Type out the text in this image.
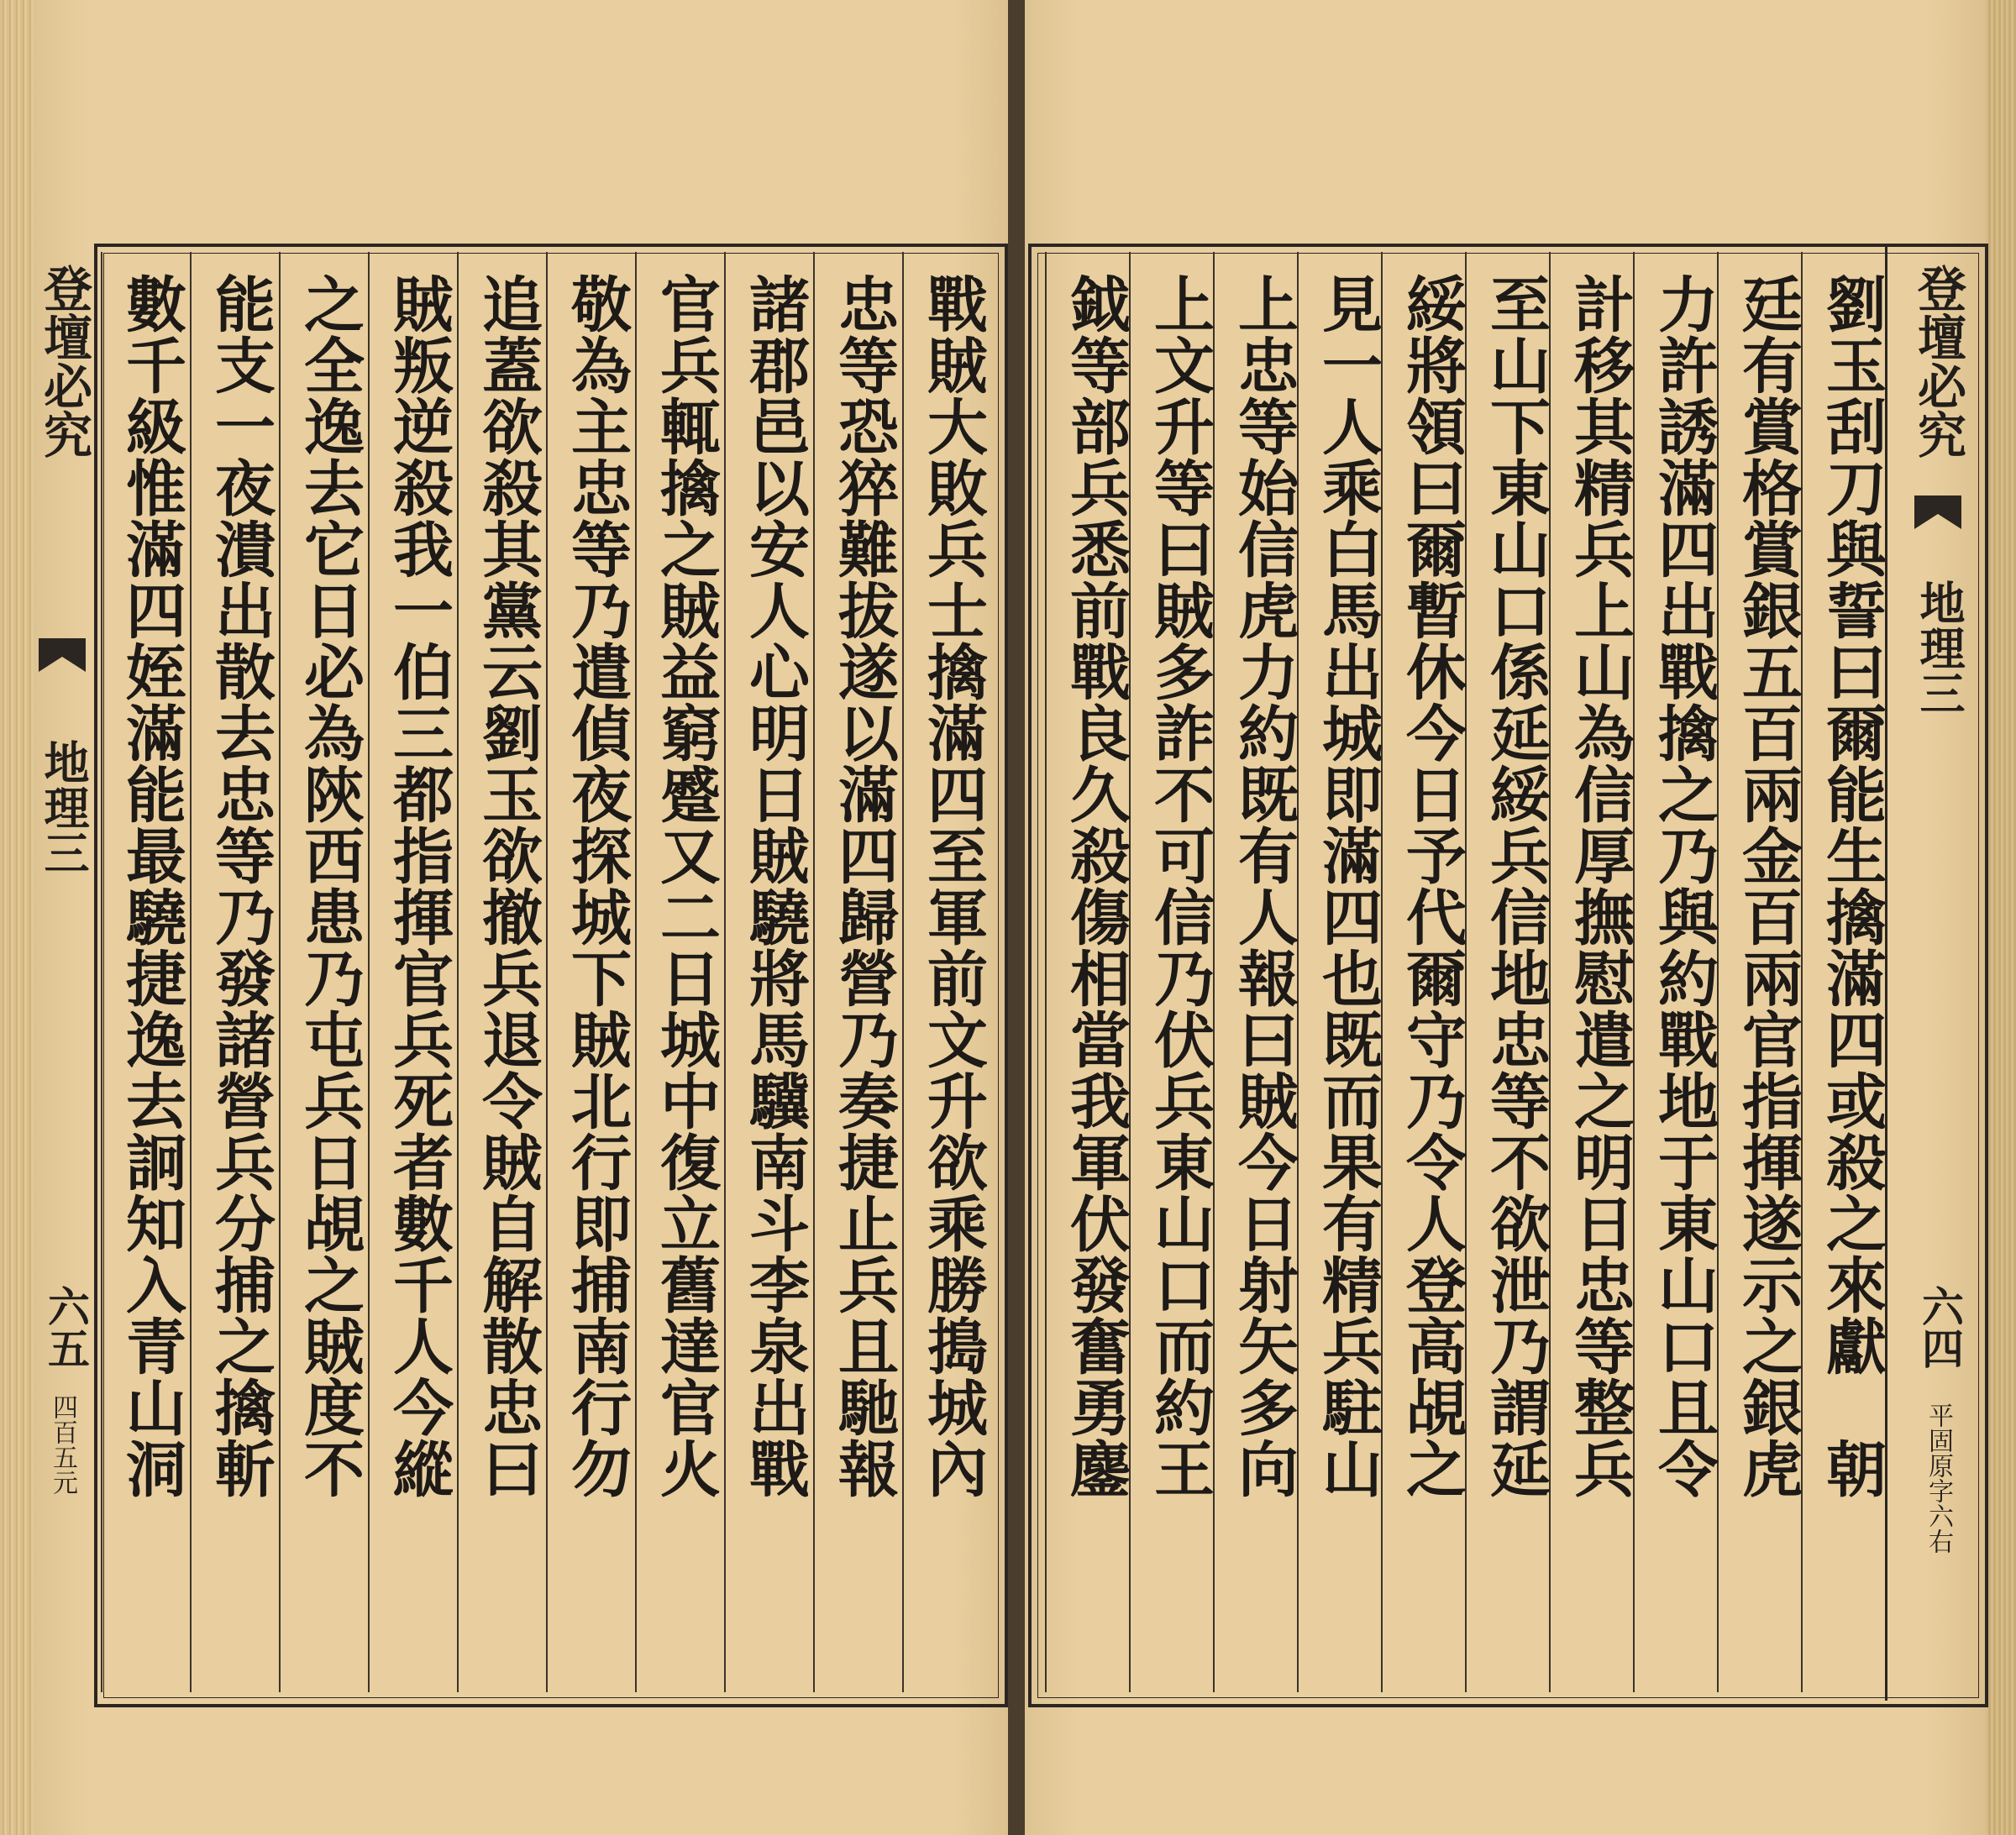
劉玉刮刀與誓曰爾能生擒滿四或殺之來獻　朝
廷有賞格賞銀五百兩金百兩官指揮遂示之銀虎
力許誘滿四出戰擒之乃與約戰地于東山口且令
計移其精兵上山為信厚撫慰遣之明日忠等整兵
至山下東山口係延綏兵信地忠等不欲泄乃謂延
綏將領曰爾暫休今日予代爾守乃令人登高覘之
見一人乘白馬出城即滿四也既而果有精兵駐山
上忠等始信虎力約既有人報曰賊今日射矢多向
上文升等曰賊多詐不可信乃伏兵東山口而約王
鉞等部兵悉前戰良久殺傷相當我軍伏發奮勇鏖	登壇必究
地理三
六四
平固原字六右
戰賊大敗兵士擒滿四至軍前文升欲乘勝搗城內
忠等恐猝難拔遂以滿四歸營乃奏捷止兵且馳報
諸郡邑以安人心明日賊驍將馬驥南斗李泉出戰
官兵輒擒之賊益窮蹙又二日城中復立舊達官火
敬為主忠等乃遣偵夜探城下賊北行即捕南行勿
追蓋欲殺其黨云劉玉欲撤兵退令賊自解散忠曰
賊叛逆殺我一伯三都指揮官兵死者數千人今縱
之全逸去它日必為陝西患乃屯兵日覘之賊度不
能支一夜潰出散去忠等乃發諸營兵分捕之擒斬
數千級惟滿四姪滿能最驍捷逸去詗知入青山洞
登壇必究
地理三
六五
四百五元
